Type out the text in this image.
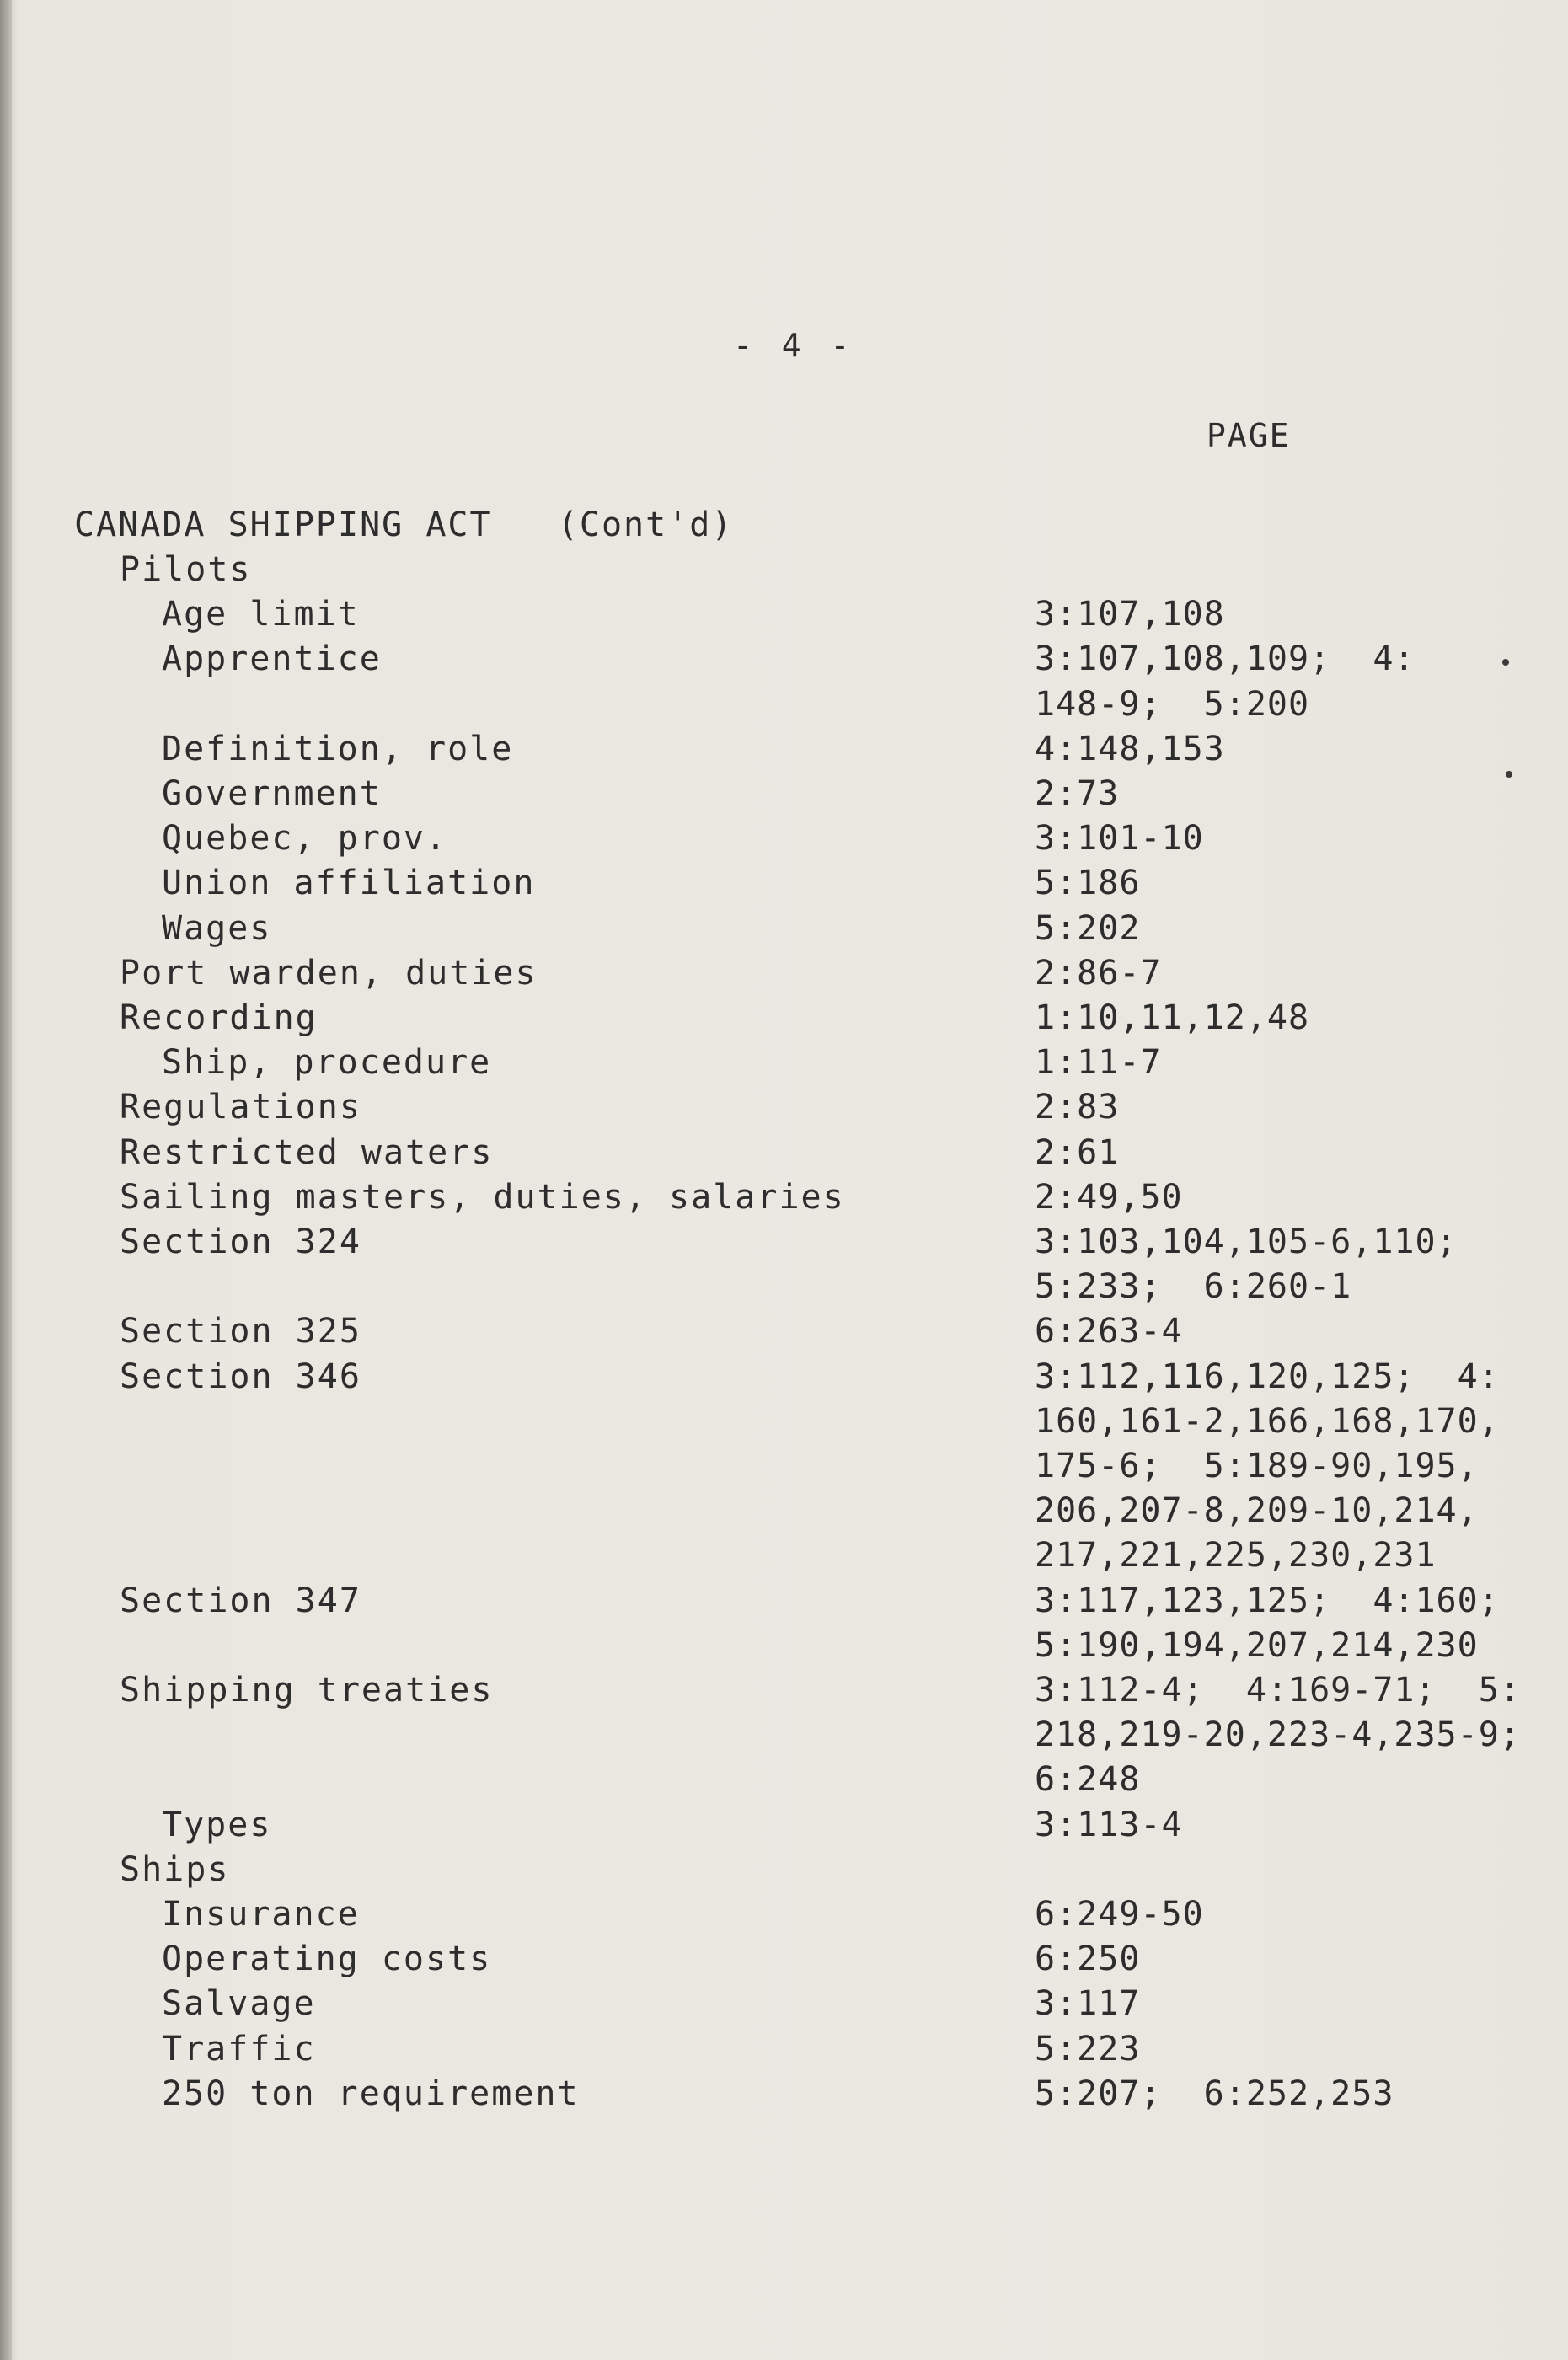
- 4 -
PAGE
CANADA SHIPPING ACT   (Cont'd)
Pilots
Age limit	3:107,108
Apprentice	3:107,108,109;  4:
148-9;  5:200
Definition, role	4:148,153
Government	2:73
Quebec, prov.	3:101-10
Union affiliation	5:186
Wages	5:202
Port warden, duties	2:86-7
Recording	1:10,11,12,48
Ship, procedure	1:11-7
Regulations	2:83
Restricted waters	2:61
Sailing masters, duties, salaries	2:49,50
Section 324	3:103,104,105-6,110;
5:233;  6:260-1
Section 325	6:263-4
Section 346	3:112,116,120,125;  4:
160,161-2,166,168,170,
175-6;  5:189-90,195,
206,207-8,209-10,214,
217,221,225,230,231
Section 347	3:117,123,125;  4:160;
5:190,194,207,214,230
Shipping treaties	3:112-4;  4:169-71;  5:
218,219-20,223-4,235-9;
6:248
Types	3:113-4
Ships
Insurance	6:249-50
Operating costs	6:250
Salvage	3:117
Traffic	5:223
250 ton requirement	5:207;  6:252,253
